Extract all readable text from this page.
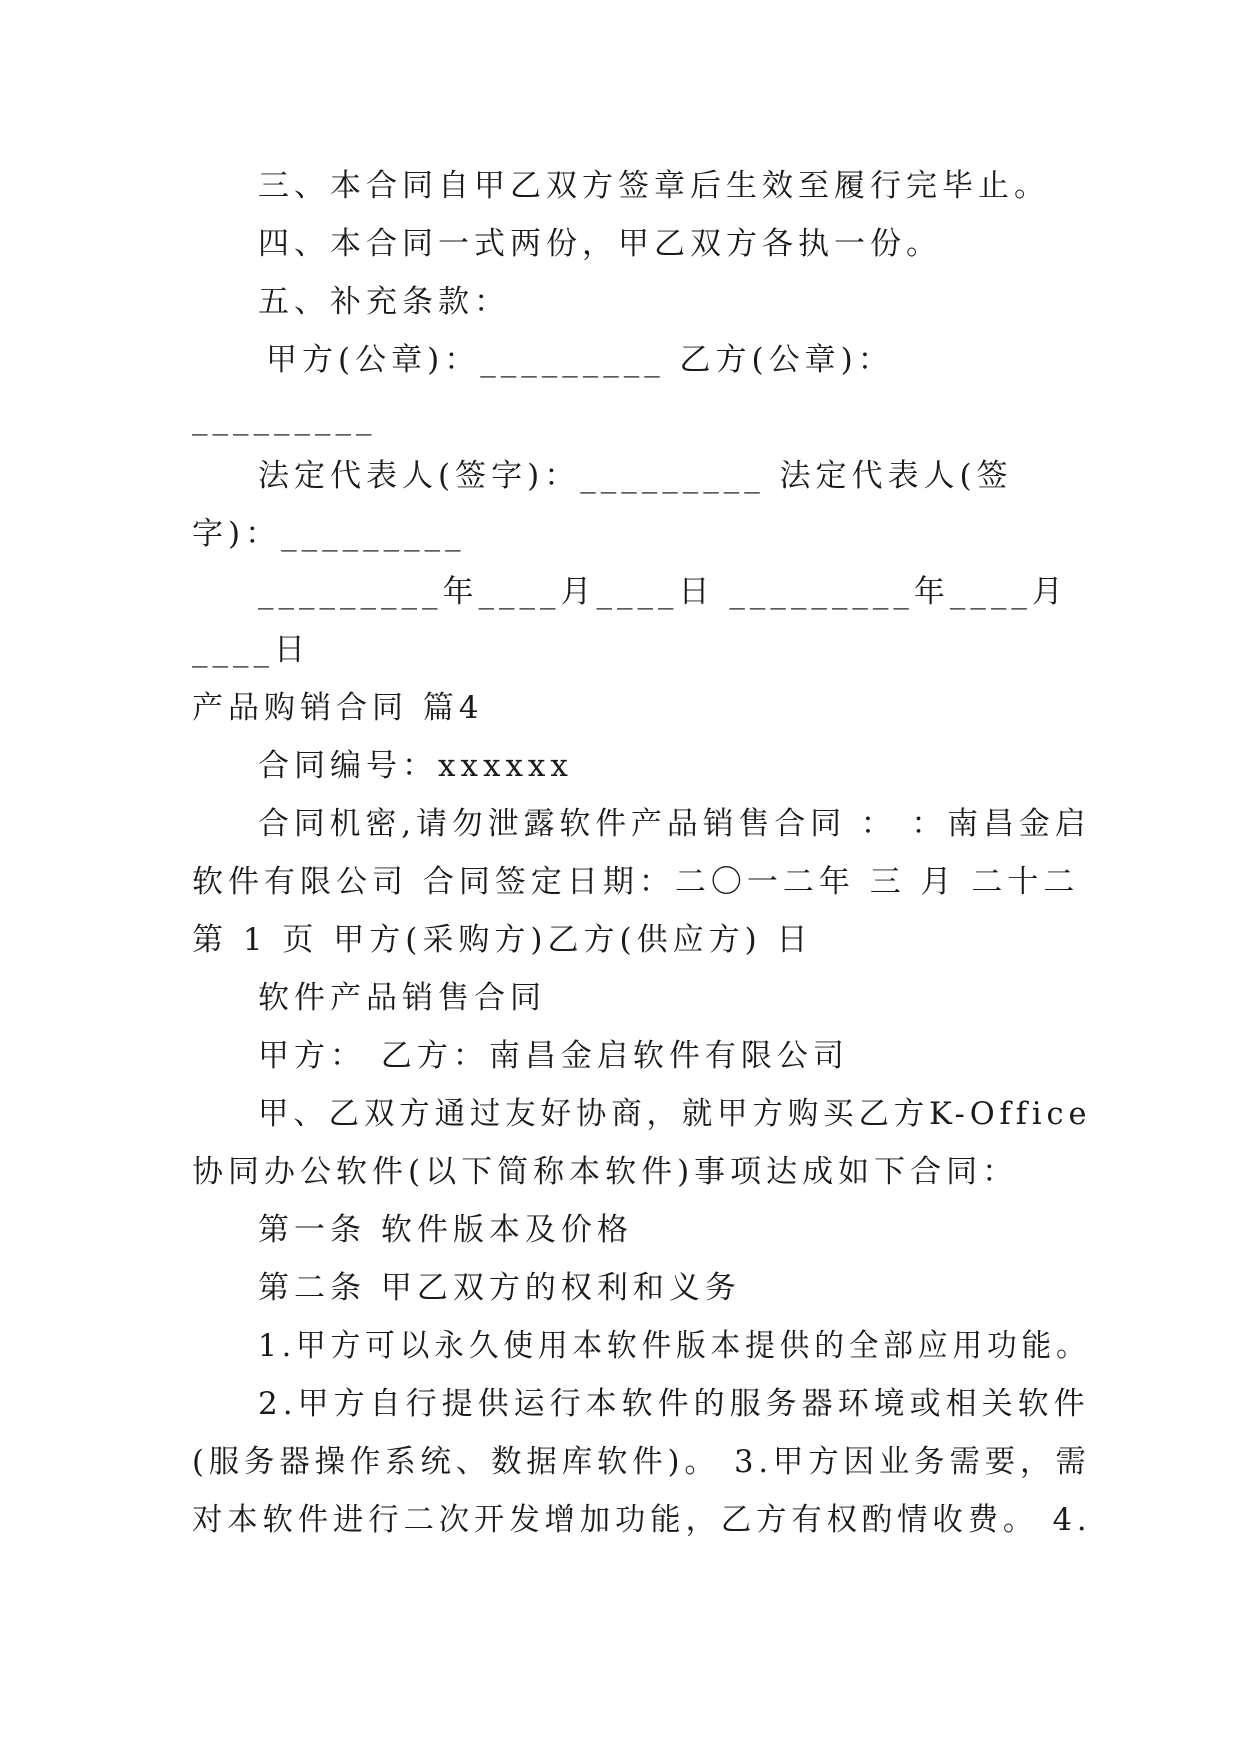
三、本合同自甲乙双方签章后生效至履行完毕止。
四、本合同一式两份，甲乙双方各执一份。
五、补充条款：
甲方(公章)：_________ 乙方(公章)：
_________
法定代表人(签字)：_________ 法定代表人(签
字)：_________
_________年____月____日 _________年____月
____日
产品购销合同 篇4
合同编号：xxxxxx
合同机密,请勿泄露软件产品销售合同 ： ：南昌金启
软件有限公司 合同签定日期：二〇一二年 三 月 二十二
第 1 页 甲方(采购方)乙方(供应方) 日
软件产品销售合同
甲方： 乙方：南昌金启软件有限公司
甲、乙双方通过友好协商，就甲方购买乙方K-Office
协同办公软件(以下简称本软件)事项达成如下合同：
第一条 软件版本及价格
第二条 甲乙双方的权利和义务
1.甲方可以永久使用本软件版本提供的全部应用功能。
2.甲方自行提供运行本软件的服务器环境或相关软件
(服务器操作系统、数据库软件)。 3.甲方因业务需要，需
对本软件进行二次开发增加功能，乙方有权酌情收费。 4.
